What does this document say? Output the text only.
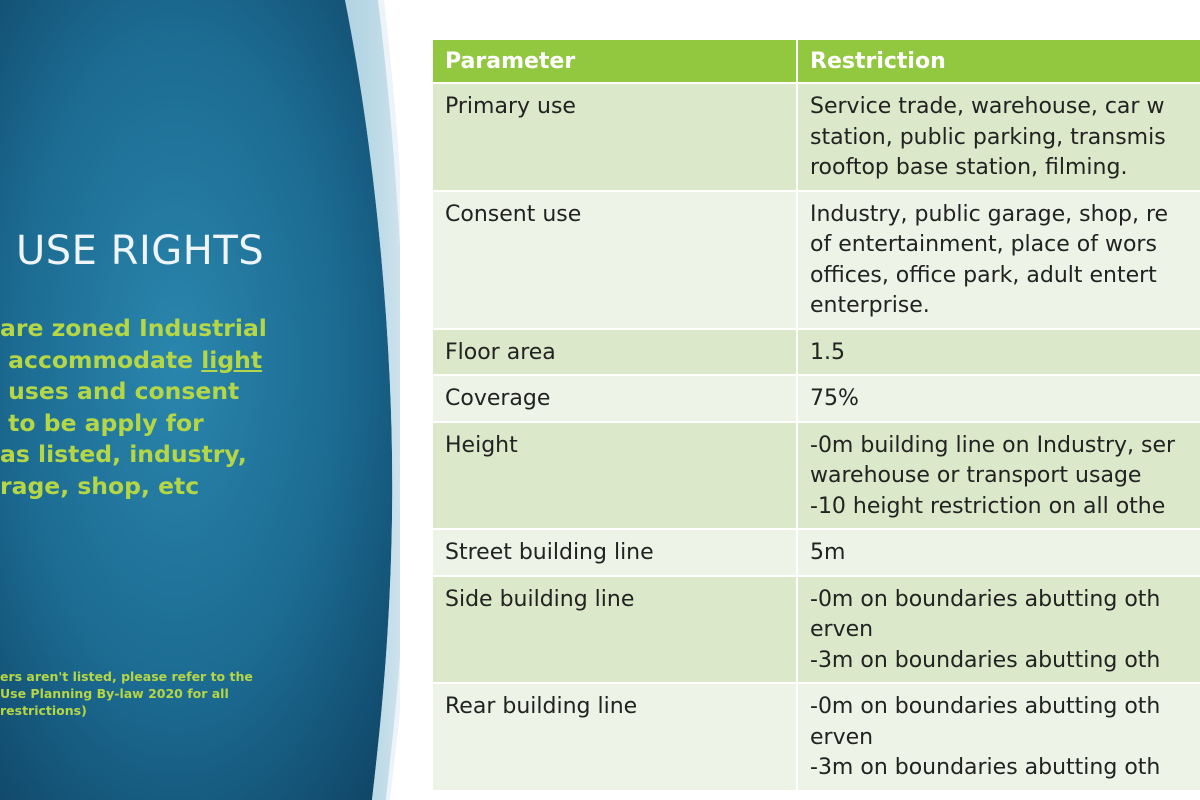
USE RIGHTS
are zoned Industrial
accommodate light
uses and consent
to be apply for
as listed, industry,
rage, shop, etc
ers aren't listed, please refer to the
Use Planning By-law 2020 for all
restrictions)
Parameter	Restriction

Primary use	Service trade, warehouse, car w
station, public parking, transmis
rooftop base station, filming.

Consent use	Industry, public garage, shop, re
of entertainment, place of wors
offices, office park, adult entert
enterprise.

Floor area	1.5

Coverage	75%

Height	-0m building line on Industry, ser
warehouse or transport usage
-10 height restriction on all othe

Street building line	5m

Side building line	-0m on boundaries abutting oth
erven
-3m on boundaries abutting oth

Rear building line	-0m on boundaries abutting oth
erven
-3m on boundaries abutting oth
